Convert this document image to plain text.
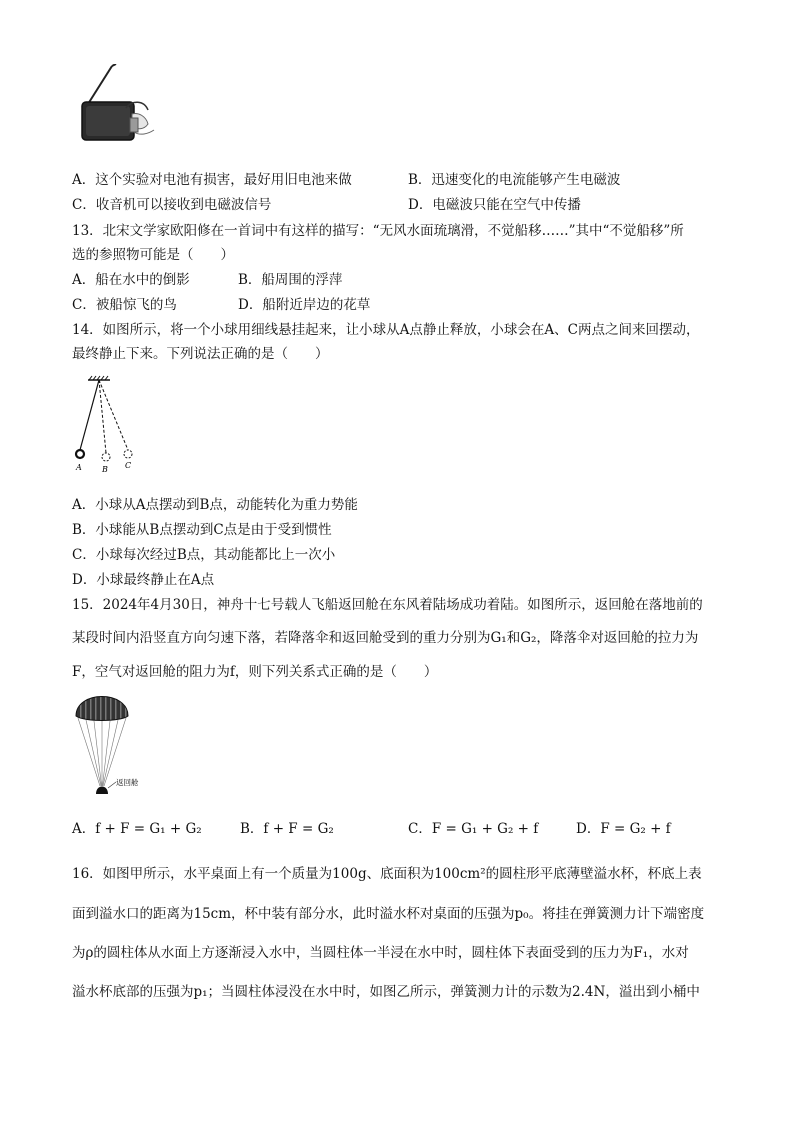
A．这个实验对电池有损害，最好用旧电池来做	B．迅速变化的电流能够产生电磁波
C．收音机可以接收到电磁波信号	D．电磁波只能在空气中传播
13．北宋文学家欧阳修在一首词中有这样的描写：“无风水面琉璃滑，不觉船移……”其中“不觉船移”所
选的参照物可能是（　　）
A．船在水中的倒影	B．船周围的浮萍
C．被船惊飞的鸟	D．船附近岸边的花草
14．如图所示，将一个小球用细线悬挂起来，让小球从A点静止释放，小球会在A、C两点之间来回摆动，
最终静止下来。下列说法正确的是（　　）
A	B C
A．小球从A点摆动到B点，动能转化为重力势能
B．小球能从B点摆动到C点是由于受到惯性
C．小球每次经过B点，其动能都比上一次小
D．小球最终静止在A点
15．2024年4月30日，神舟十七号载人飞船返回舱在东风着陆场成功着陆。如图所示，返回舱在落地前的
某段时间内沿竖直方向匀速下落，若降落伞和返回舱受到的重力分别为G₁和G₂，降落伞对返回舱的拉力为
F，空气对返回舱的阻力为f，则下列关系式正确的是（　　）
返回舱
A．f + F = G₁ + G₂	B．f + F = G₂	C．F = G₁ + G₂ + f	D．F = G₂ + f
16．如图甲所示，水平桌面上有一个质量为100g、底面积为100cm²的圆柱形平底薄壁溢水杯，杯底上表
面到溢水口的距离为15cm，杯中装有部分水，此时溢水杯对桌面的压强为p₀。将挂在弹簧测力计下端密度
为ρ的圆柱体从水面上方逐渐浸入水中，当圆柱体一半浸在水中时，圆柱体下表面受到的压力为F₁，水对
溢水杯底部的压强为p₁；当圆柱体浸没在水中时，如图乙所示，弹簧测力计的示数为2.4N，溢出到小桶中
